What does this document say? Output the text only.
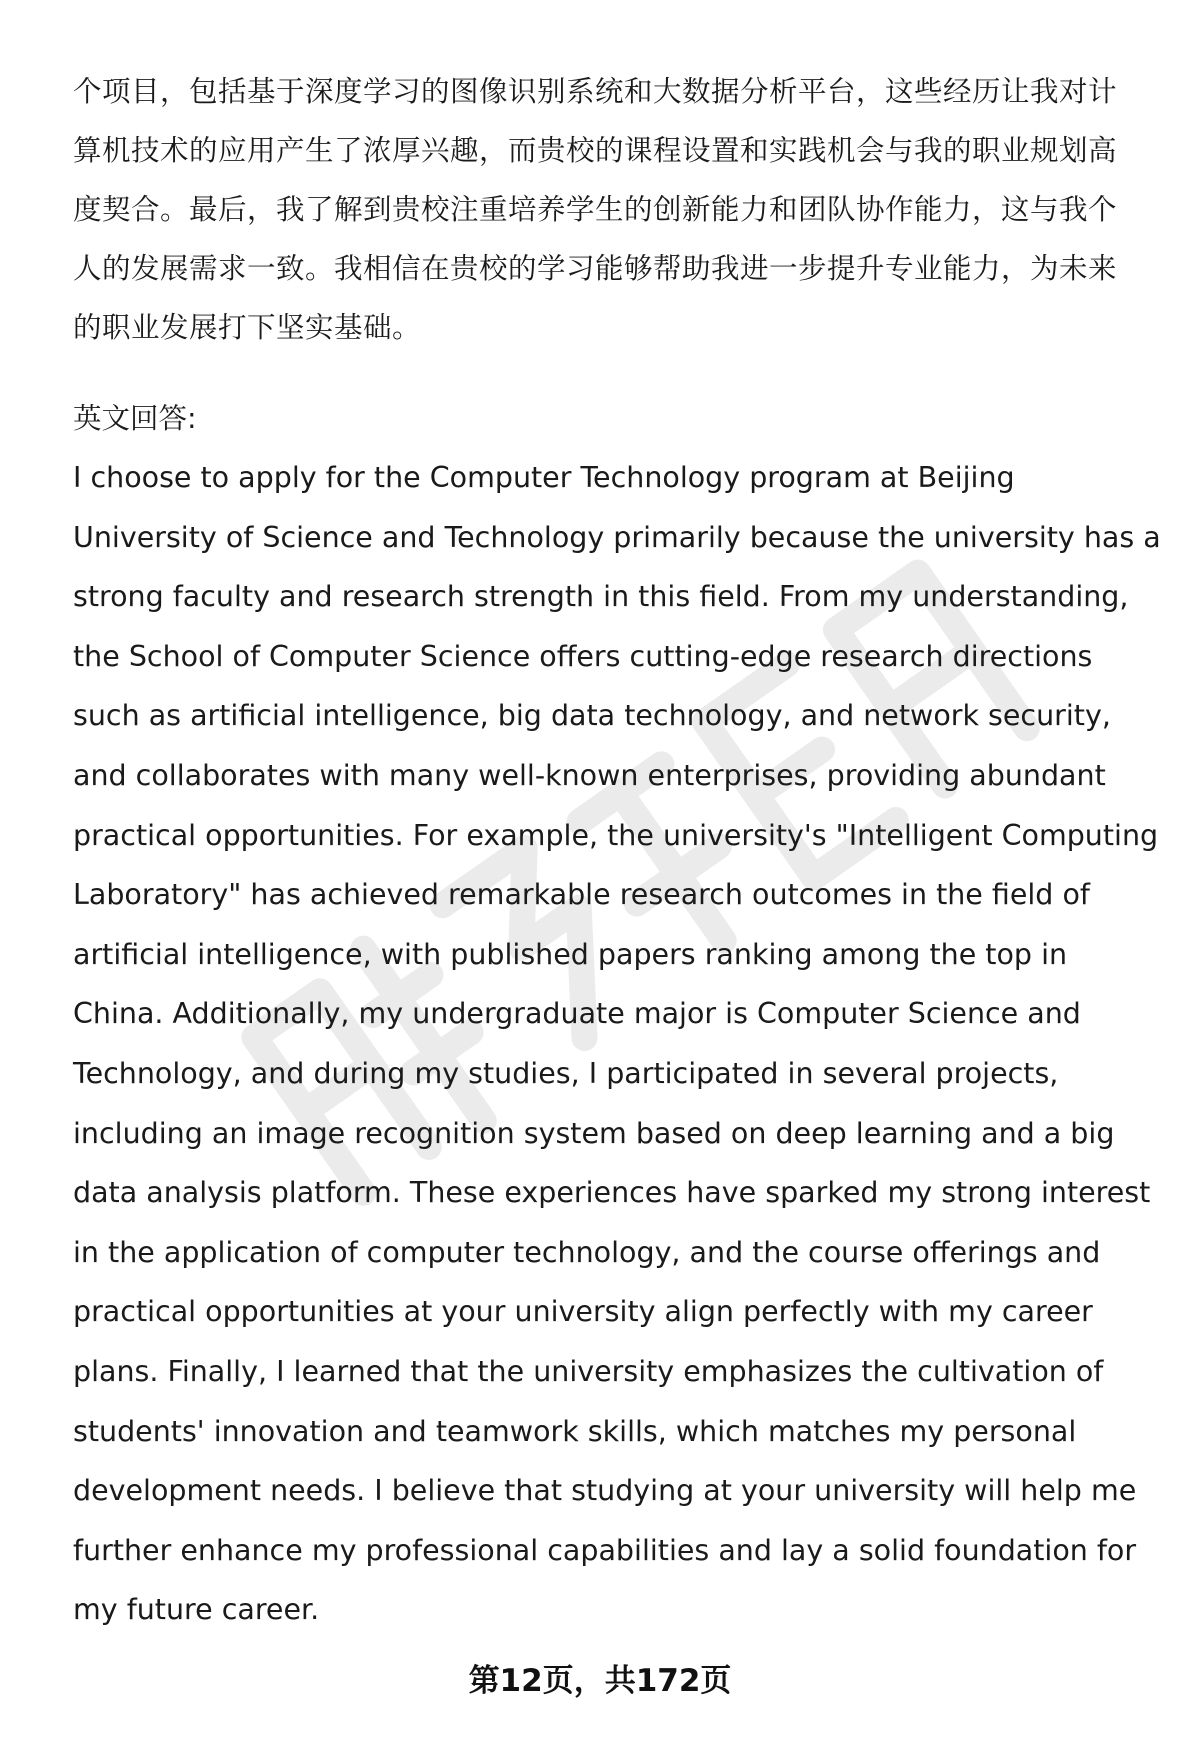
个项目，包括基于深度学习的图像识别系统和大数据分析平台，这些经历让我对计
算机技术的应用产生了浓厚兴趣，而贵校的课程设置和实践机会与我的职业规划高
度契合。最后，我了解到贵校注重培养学生的创新能力和团队协作能力，这与我个
人的发展需求一致。我相信在贵校的学习能够帮助我进一步提升专业能力，为未来
的职业发展打下坚实基础。
英文回答:
I choose to apply for the Computer Technology program at Beijing
University of Science and Technology primarily because the university has a
strong faculty and research strength in this field. From my understanding,
the School of Computer Science offers cutting-edge research directions
such as artificial intelligence, big data technology, and network security,
and collaborates with many well-known enterprises, providing abundant
practical opportunities. For example, the university's "Intelligent Computing
Laboratory" has achieved remarkable research outcomes in the field of
artificial intelligence, with published papers ranking among the top in
China. Additionally, my undergraduate major is Computer Science and
Technology, and during my studies, I participated in several projects,
including an image recognition system based on deep learning and a big
data analysis platform. These experiences have sparked my strong interest
in the application of computer technology, and the course offerings and
practical opportunities at your university align perfectly with my career
plans. Finally, I learned that the university emphasizes the cultivation of
students' innovation and teamwork skills, which matches my personal
development needs. I believe that studying at your university will help me
further enhance my professional capabilities and lay a solid foundation for
my future career.
第12页，共172页
